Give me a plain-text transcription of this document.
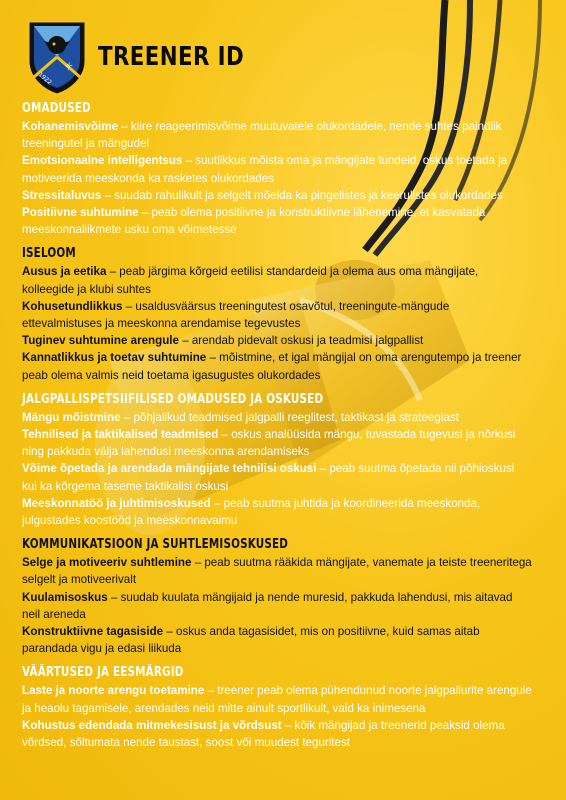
1922
JK TREENER ID
OMADUSED

Kohanemisvõime – kiire reageerimisvõime muutuvatele olukordadele, nende suhtes paindlik treeningutel ja mängudel

Emotsionaalne intelligentsus – suutlikkus mõista oma ja mängijate tundeid, oskus toetada ja motiveerida meeskonda ka rasketes olukordades

Stressitaluvus – suudab rahulikult ja selgelt mõelda ka pingelistes ja keerulistes olukordades

Positiivne suhtumine – peab olema positiivne ja konstruktiivne lähenemine, et kasvatada meeskonnaliikmete usku oma võimetesse

ISELOOM

Ausus ja eetika – peab järgima kõrgeid eetilisi standardeid ja olema aus oma mängijate, kolleegide ja klubi suhtes

Kohusetundlikkus – usaldusväärsus treeningutest osavõtul, treeningute-mängude ettevalmistuses ja meeskonna arendamise tegevustes

Tuginev suhtumine arengule – arendab pidevalt oskusi ja teadmisi jalgpallist

Kannatlikkus ja toetav suhtumine – mõistmine, et igal mängijal on oma arengutempo ja treener peab olema valmis neid toetama igasugustes olukordades

JALGPALLISPETSIIFILISED OMADUSED JA OSKUSED

Mängu mõistmine – põhjalikud teadmised jalgpalli reeglitest, taktikast ja strateegiast

Tehnilised ja taktikalised teadmised – oskus analüüsida mängu, tuvastada tugevusi ja nõrkusi ning pakkuda välja lahendusi meeskonna arendamiseks

Võime õpetada ja arendada mängijate tehnilisi oskusi – peab suutma õpetada nii põhioskusi kui ka kõrgema taseme taktikalisi oskusi

Meeskonnatöö ja juhtimisoskused – peab suutma juhtida ja koordineerida meeskonda, julgustades koostööd ja meeskonnavaimu

KOMMUNIKATSIOON JA SUHTLEMISOSKUSED

Selge ja motiveeriv suhtlemine – peab suutma rääkida mängijate, vanemate ja teiste treeneritega selgelt ja motiveerivalt

Kuulamisoskus – suudab kuulata mängijaid ja nende muresid, pakkuda lahendusi, mis aitavad neil areneda

Konstruktiivne tagasiside – oskus anda tagasisidet, mis on positiivne, kuid samas aitab parandada vigu ja edasi liikuda

VÄÄRTUSED JA EESMÄRGID

Laste ja noorte arengu toetamine – treener peab olema pühendunud noorte jalgpallurite arengule ja heaolu tagamisele, arendades neid mitte ainult sportlikult, vaid ka inimesena

Kohustus edendada mitmekesisust ja võrdsust – kõik mängijad ja treenerid peaksid olema võrdsed, sõltumata nende taustast, soost või muudest teguritest
